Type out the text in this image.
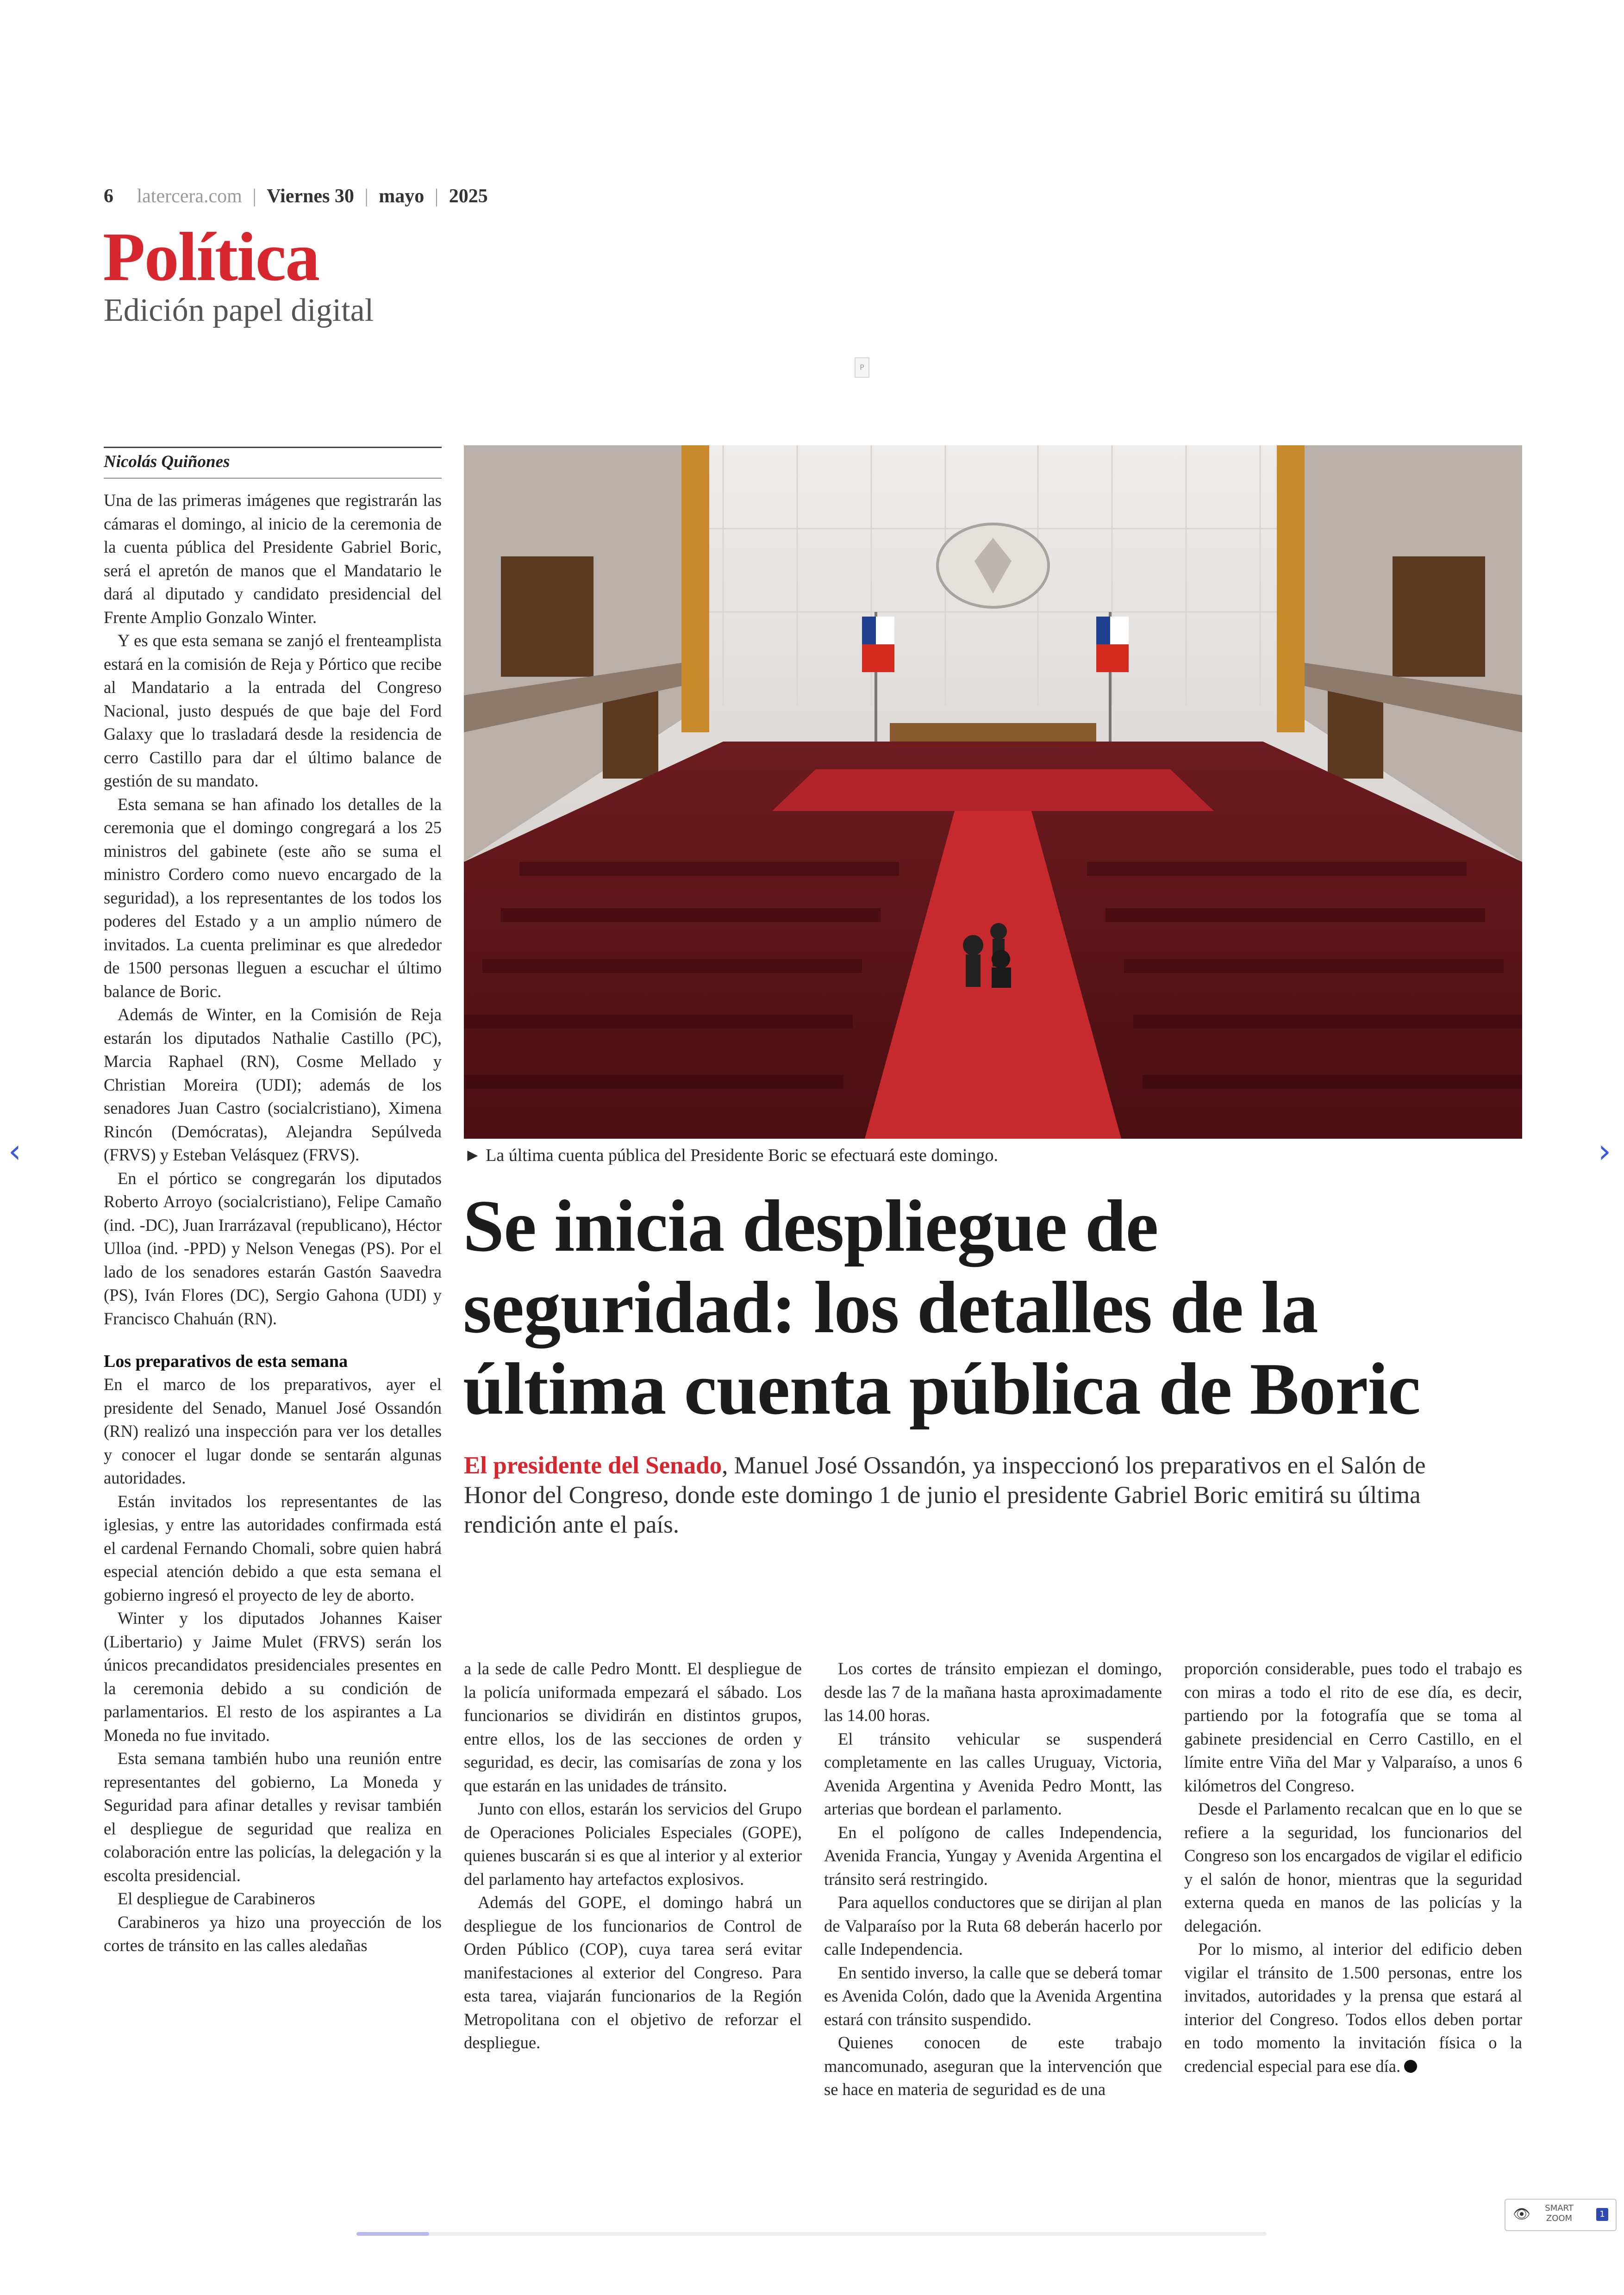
6 latercera.com | Viernes 30 | mayo | 2025
Política
Edición papel digital
P
Nicolás Quiñones

Una de las primeras imágenes que registrarán las cámaras el domingo, al inicio de la ceremonia de la cuenta pública del Presidente Gabriel Boric, será el apretón de manos que el Mandatario le dará al diputado y candidato presidencial del Frente Amplio Gonzalo Winter.

Y es que esta semana se zanjó el frenteamplista estará en la comisión de Reja y Pórtico que recibe al Mandatario a la entrada del Congreso Nacional, justo después de que baje del Ford Galaxy que lo trasladará desde la residencia de cerro Castillo para dar el último balance de gestión de su mandato.

Esta semana se han afinado los detalles de la ceremonia que el domingo congregará a los 25 ministros del gabinete (este año se suma el ministro Cordero como nuevo encargado de la seguridad), a los representantes de los todos los poderes del Estado y a un amplio número de invitados. La cuenta preliminar es que alrededor de 1500 personas lleguen a escuchar el último balance de Boric.

Además de Winter, en la Comisión de Reja estarán los diputados Nathalie Castillo (PC), Marcia Raphael (RN), Cosme Mellado y Christian Moreira (UDI); además de los senadores Juan Castro (socialcristiano), Ximena Rincón (Demócratas), Alejandra Sepúlveda (FRVS) y Esteban Velásquez (FRVS).

En el pórtico se congregarán los diputados Roberto Arroyo (socialcristiano), Felipe Camaño (ind. -DC), Juan Irarrázaval (republicano), Héctor Ulloa (ind. -PPD) y Nelson Venegas (PS). Por el lado de los senadores estarán Gastón Saavedra (PS), Iván Flores (DC), Sergio Gahona (UDI) y Francisco Chahuán (RN).

Los preparativos de esta semana

En el marco de los preparativos, ayer el presidente del Senado, Manuel José Ossandón (RN) realizó una inspección para ver los detalles y conocer el lugar donde se sentarán algunas autoridades.

Están invitados los representantes de las iglesias, y entre las autoridades confirmada está el cardenal Fernando Chomali, sobre quien habrá especial atención debido a que esta semana el gobierno ingresó el proyecto de ley de aborto.

Winter y los diputados Johannes Kaiser (Libertario) y Jaime Mulet (FRVS) serán los únicos precandidatos presidenciales presentes en la ceremonia debido a su condición de parlamentarios. El resto de los aspirantes a La Moneda no fue invitado.

Esta semana también hubo una reunión entre representantes del gobierno, La Moneda y Seguridad para afinar detalles y revisar también el despliegue de seguridad que realiza en colaboración entre las policías, la delegación y la escolta presidencial.

El despliegue de Carabineros

Carabineros ya hizo una proyección de los cortes de tránsito en las calles aledañas

► La última cuenta pública del Presidente Boric se efectuará este domingo.
Se inicia despliegue de
seguridad: los detalles de la
última cuenta pública de Boric
El presidente del Senado, Manuel José Ossandón, ya inspeccionó los preparativos en el Salón de Honor del Congreso, donde este domingo 1 de junio el presidente Gabriel Boric emitirá su última rendición ante el país.

a la sede de calle Pedro Montt. El despliegue de la policía uniformada empezará el sábado. Los funcionarios se dividirán en distintos grupos, entre ellos, los de las secciones de orden y seguridad, es decir, las comisarías de zona y los que estarán en las unidades de tránsito.

Junto con ellos, estarán los servicios del Grupo de Operaciones Policiales Especiales (GOPE), quienes buscarán si es que al interior y al exterior del parlamento hay artefactos explosivos.

Además del GOPE, el domingo habrá un despliegue de los funcionarios de Control de Orden Público (COP), cuya tarea será evitar manifestaciones al exterior del Congreso. Para esta tarea, viajarán funcionarios de la Región Metropolitana con el objetivo de reforzar el despliegue.

Los cortes de tránsito empiezan el domingo, desde las 7 de la mañana hasta aproximadamente las 14.00 horas.

El tránsito vehicular se suspenderá completamente en las calles Uruguay, Victoria, Avenida Argentina y Avenida Pedro Montt, las arterias que bordean el parlamento.

En el polígono de calles Independencia, Avenida Francia, Yungay y Avenida Argentina el tránsito será restringido.

Para aquellos conductores que se dirijan al plan de Valparaíso por la Ruta 68 deberán hacerlo por calle Independencia.

En sentido inverso, la calle que se deberá tomar es Avenida Colón, dado que la Avenida Argentina estará con tránsito suspendido.

Quienes conocen de este trabajo mancomunado, aseguran que la intervención que se hace en materia de seguridad es de una

proporción considerable, pues todo el trabajo es con miras a todo el rito de ese día, es decir, partiendo por la fotografía que se toma al gabinete presidencial en Cerro Castillo, en el límite entre Viña del Mar y Valparaíso, a unos 6 kilómetros del Congreso.

Desde el Parlamento recalcan que en lo que se refiere a la seguridad, los funcionarios del Congreso son los encargados de vigilar el edificio y el salón de honor, mientras que la seguridad externa queda en manos de las policías y la delegación.

Por lo mismo, al interior del edificio deben vigilar el tránsito de 1.500 personas, entre los invitados, autoridades y la prensa que estará al interior del Congreso. Todos ellos deben portar en todo momento la invitación física o la credencial especial para ese día.

‹	›
👁 SMART
ZOOM	1
